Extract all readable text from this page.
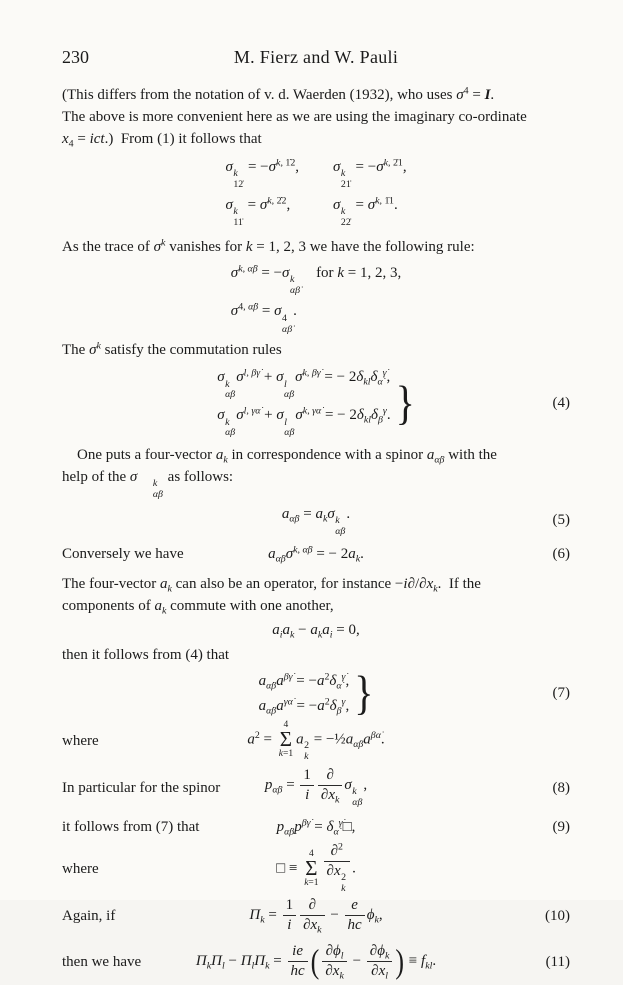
230	M. Fierz and W. Pauli

(This differs from the notation of v. d. Waerden (1932), who uses $\sigma^4 = I$.
The above is more convenient here as we are using the imaginary co-ordinate
$x_4 = ict$.) From (1) it follows that

σ k
12̇
= $-\sigma^{k, 1̇2}$, σ k
21̇
= $-\sigma^{k, 2̇1}$,
σ k
11̇
= $\sigma^{k, 2̇2}$,	σ k
22̇
= $\sigma^{k, 1̇1}$.

As the trace of $\sigma^k$ vanishes for k = 1, 2, 3 we have the following rule:

$\sigma^{k, \alphȧ\beta} = -\sigma$ k
αβ̇
  for k = 1, 2, 3,
$\sigma^{4, \alphȧ\beta} = \sigma$ 4
αβ̇
.

The $\sigma^k$ satisfy the commutation rules

σ k
α̇β
$\sigma^{l, \beta\gammȧ} + \sigma$ l
α̇β
$\sigma^{k, \beta\gammȧ}$ = − $2\delta_{kl}\delta_{\alphȧ}^{\gammȧ}$,
σ k
α̇β
$\sigma^{l, \gamma\alphȧ} + \sigma$ l
α̇β
$\sigma^{k, \gamma\alphȧ}$ = − $2\delta_{kl}\delta_\beta^\gamma$. }	(4)

One puts a four-vector $a_k$ in correspondence with a spinor $a_{\alphȧ\beta}$ with the
help of the σ	k
α̇β
as follows:

$a_{\alphȧ\beta} = a_k\sigma$ k
α̇β
.	(5)
Conversely we have	$a_{\alphȧ\beta}\sigma^{k, \alphȧ\beta}$ = − $2a_k$.	(6)

The four-vector $a_k$ can also be an operator, for instance $-i\partial/\partial x_k$. If the
components of $a_k$ commute with one another,

$a_ia_k - a_ka_i = 0$,

then it follows from (4) that

$a_{\alphȧ\beta}a^{\beta\gammȧ} = -a^2\delta_{\alphȧ}^{\gammȧ}$,
$a_{\alphȧ\beta}a^{\gamma\alphȧ} = -a^2\delta_\beta^\gamma$, }	(7)
where	$a^2$ =
4
Σ
k=1
a 2
k
= $-\frac{1}{2}a_{\alphȧ\beta}a^{\beta\alphȧ}$.
In particular for the spinor	$p_{\alphȧ\beta} = \frac{1}{i} \frac{\partial}{\partial x_k}$ σ k
α̇β
,	(8)
it follows from (7) that	$p_{\alphȧ\beta}p^{\beta\gammȧ}$ = $\delta_{\alphȧ}^{\gammȧ}□$,	(9)
where	□ ≡
4
Σ
k=1 ∂$^2$
∂x 2
k .
Again, if	$\Pi_k = \frac{1}{i} \frac{\partial}{\partial x_k} - \frac{e}{hc} \phi_k$,	(10)
then we have	$\Pi_k\Pi_l - \Pi_l\Pi_k = \frac{ie}{hc}$ ( $\frac{\partial\phi_l}{\partial x_k} - \frac{\partial\phi_k}{\partial x_l}$ ) ≡ $f_{kl}$.	(11)
